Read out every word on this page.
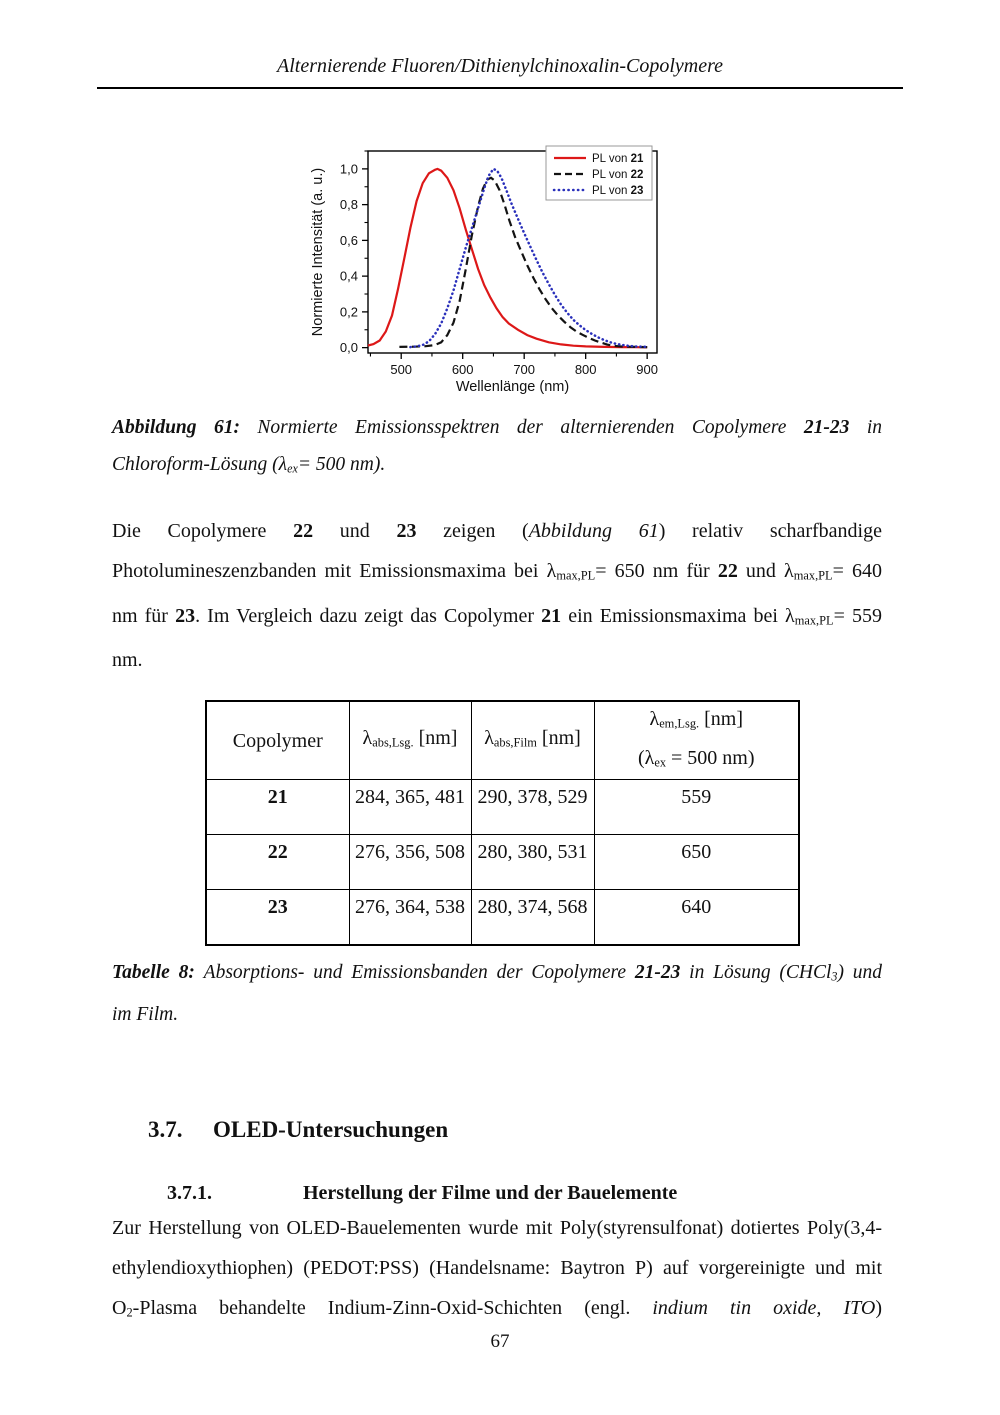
Alternierende Fluoren/Dithienylchinoxalin-Copolymere
500	600	700	800	900
0,0
0,2
0,4
0,6
0,8
1,0
Wellenlänge (nm)
Normierte Intensität (a. u.)
PL von 21
PL von 22
PL von 23
Abbildung 61: Normierte Emissionsspektren der alternierenden Copolymere 21-23 in
Chloroform-Lösung ($\lambda_{ex}= 500$ nm).
Die Copolymere 22 und 23 zeigen (Abbildung 61) relativ scharfbandige
Photolumineszenzbanden mit Emissionsmaxima bei $\lambda_{max,PL}= 650$ nm für 22 und $\lambda_{max,PL}= 640$
nm für 23. Im Vergleich dazu zeigt das Copolymer 21 ein Emissionsmaxima bei $\lambda_{max,PL}= 559$
nm.
Copolymer	$\lambda_{abs,Lsg.}$ [nm]	$\lambda_{abs,Film}$ [nm]	$\lambda_{em,Lsg.}$ [nm]
($\lambda_{ex} = 500$ nm)

21	284, 365, 481	290, 378, 529	559
22	276, 356, 508	280, 380, 531	650
23	276, 364, 538	280, 374, 568	640
Tabelle 8: Absorptions- und Emissionsbanden der Copolymere 21-23 in Lösung (CHCl$_3$) und
im Film.
3.7.	OLED-Untersuchungen
3.7.1.	Herstellung der Filme und der Bauelemente
Zur Herstellung von OLED-Bauelementen wurde mit Poly(styrensulfonat) dotiertes Poly(3,4-
ethylendioxythiophen) (PEDOT:PSS) (Handelsname: Baytron P) auf vorgereinigte und mit
$O_2$-Plasma behandelte Indium-Zinn-Oxid-Schichten (engl. indium tin oxide, ITO)
67
